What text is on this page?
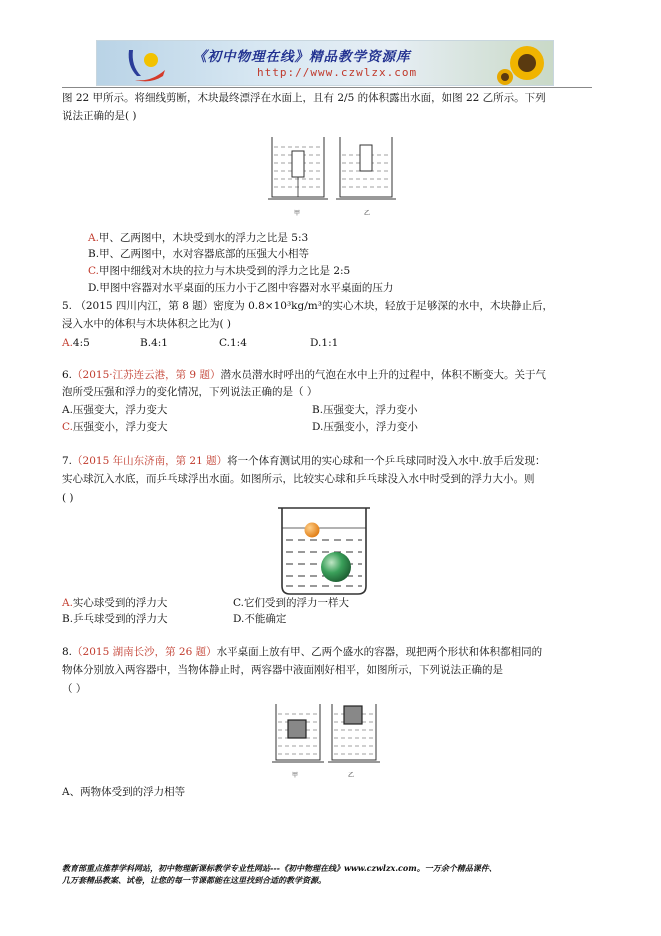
《初中物理在线》精品教学资源库
http://www.czwlzx.com
图 22 甲所示。将细线剪断，木块最终漂浮在水面上，且有 2/5 的体积露出水面，如图 22 乙所示。下列
说法正确的是( )
甲	乙
A.甲、乙两图中，木块受到水的浮力之比是 5:3
B.甲、乙两图中，水对容器底部的压强大小相等
C.甲图中细线对木块的拉力与木块受到的浮力之比是 2:5
D.甲图中容器对水平桌面的压力小于乙图中容器对水平桌面的压力
5. （2015 四川内江，第 8 题）密度为 0.8×10³kg/m³的实心木块，轻放于足够深的水中，木块静止后，
浸入水中的体积与木块体积之比为( )
A.4:5	B.4:1	C.1:4	D.1:1
6.（2015·江苏连云港，第 9 题）潜水员潜水时呼出的气泡在水中上升的过程中，体积不断变大。关于气
泡所受压强和浮力的变化情况，下列说法正确的是（ ）
A.压强变大，浮力变大	B.压强变大，浮力变小
C.压强变小，浮力变大	D.压强变小，浮力变小
7.（2015 年山东济南，第 21 题）将一个体育测试用的实心球和一个乒乓球同时没入水中.放手后发现：
实心球沉入水底，而乒乓球浮出水面。如图所示，比较实心球和乒乓球没入水中时受到的浮力大小。则
( )
A.实心球受到的浮力大	C.它们受到的浮力一样大
B.乒乓球受到的浮力大	D.不能确定
8.（2015 湖南长沙，第 26 题）水平桌面上放有甲、乙两个盛水的容器，现把两个形状和体积都相同的
物体分别放入两容器中，当物体静止时，两容器中液面刚好相平，如图所示，下列说法正确的是
（ ）
甲	乙
A、两物体受到的浮力相等
教育部重点推荐学科网站，初中物理新课标教学专业性网站---《初中物理在线》www.czwlzx.com。一万余个精品课件、
几万套精品教案、试卷，让您的每一节课都能在这里找到合适的教学资源。
